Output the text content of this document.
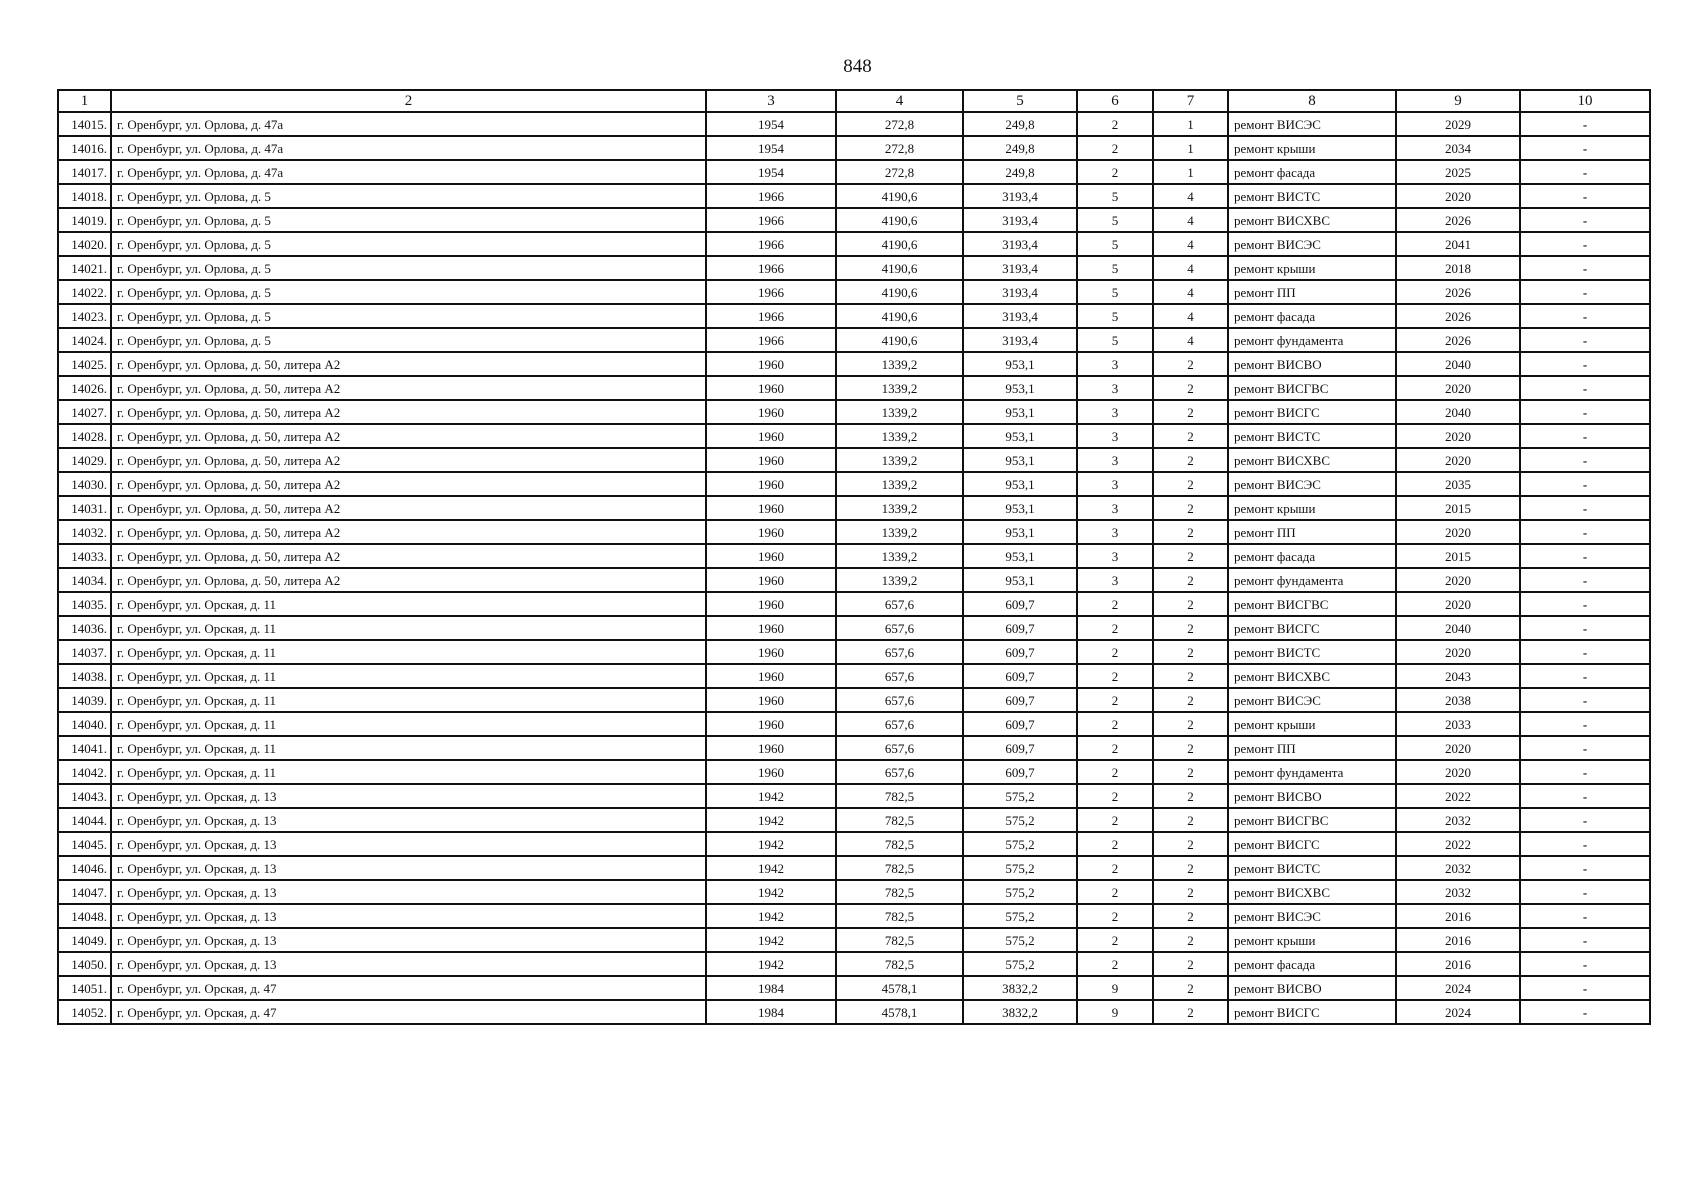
848
1	2	3	4	5	6	7	8	9	10
14015.	г. Оренбург, ул. Орлова, д. 47а	1954	272,8	249,8	2	1	ремонт ВИСЭС	2029	-
14016.	г. Оренбург, ул. Орлова, д. 47а	1954	272,8	249,8	2	1	ремонт крыши	2034	-
14017.	г. Оренбург, ул. Орлова, д. 47а	1954	272,8	249,8	2	1	ремонт фасада	2025	-
14018.	г. Оренбург, ул. Орлова, д. 5	1966	4190,6	3193,4	5	4	ремонт ВИСТС	2020	-
14019.	г. Оренбург, ул. Орлова, д. 5	1966	4190,6	3193,4	5	4	ремонт ВИСХВС	2026	-
14020.	г. Оренбург, ул. Орлова, д. 5	1966	4190,6	3193,4	5	4	ремонт ВИСЭС	2041	-
14021.	г. Оренбург, ул. Орлова, д. 5	1966	4190,6	3193,4	5	4	ремонт крыши	2018	-
14022.	г. Оренбург, ул. Орлова, д. 5	1966	4190,6	3193,4	5	4	ремонт ПП	2026	-
14023.	г. Оренбург, ул. Орлова, д. 5	1966	4190,6	3193,4	5	4	ремонт фасада	2026	-
14024.	г. Оренбург, ул. Орлова, д. 5	1966	4190,6	3193,4	5	4	ремонт фундамента	2026	-
14025.	г. Оренбург, ул. Орлова, д. 50, литера А2	1960	1339,2	953,1	3	2	ремонт ВИСВО	2040	-
14026.	г. Оренбург, ул. Орлова, д. 50, литера А2	1960	1339,2	953,1	3	2	ремонт ВИСГВС	2020	-
14027.	г. Оренбург, ул. Орлова, д. 50, литера А2	1960	1339,2	953,1	3	2	ремонт ВИСГС	2040	-
14028.	г. Оренбург, ул. Орлова, д. 50, литера А2	1960	1339,2	953,1	3	2	ремонт ВИСТС	2020	-
14029.	г. Оренбург, ул. Орлова, д. 50, литера А2	1960	1339,2	953,1	3	2	ремонт ВИСХВС	2020	-
14030.	г. Оренбург, ул. Орлова, д. 50, литера А2	1960	1339,2	953,1	3	2	ремонт ВИСЭС	2035	-
14031.	г. Оренбург, ул. Орлова, д. 50, литера А2	1960	1339,2	953,1	3	2	ремонт крыши	2015	-
14032.	г. Оренбург, ул. Орлова, д. 50, литера А2	1960	1339,2	953,1	3	2	ремонт ПП	2020	-
14033.	г. Оренбург, ул. Орлова, д. 50, литера А2	1960	1339,2	953,1	3	2	ремонт фасада	2015	-
14034.	г. Оренбург, ул. Орлова, д. 50, литера А2	1960	1339,2	953,1	3	2	ремонт фундамента	2020	-
14035.	г. Оренбург, ул. Орская, д. 11	1960	657,6	609,7	2	2	ремонт ВИСГВС	2020	-
14036.	г. Оренбург, ул. Орская, д. 11	1960	657,6	609,7	2	2	ремонт ВИСГС	2040	-
14037.	г. Оренбург, ул. Орская, д. 11	1960	657,6	609,7	2	2	ремонт ВИСТС	2020	-
14038.	г. Оренбург, ул. Орская, д. 11	1960	657,6	609,7	2	2	ремонт ВИСХВС	2043	-
14039.	г. Оренбург, ул. Орская, д. 11	1960	657,6	609,7	2	2	ремонт ВИСЭС	2038	-
14040.	г. Оренбург, ул. Орская, д. 11	1960	657,6	609,7	2	2	ремонт крыши	2033	-
14041.	г. Оренбург, ул. Орская, д. 11	1960	657,6	609,7	2	2	ремонт ПП	2020	-
14042.	г. Оренбург, ул. Орская, д. 11	1960	657,6	609,7	2	2	ремонт фундамента	2020	-
14043.	г. Оренбург, ул. Орская, д. 13	1942	782,5	575,2	2	2	ремонт ВИСВО	2022	-
14044.	г. Оренбург, ул. Орская, д. 13	1942	782,5	575,2	2	2	ремонт ВИСГВС	2032	-
14045.	г. Оренбург, ул. Орская, д. 13	1942	782,5	575,2	2	2	ремонт ВИСГС	2022	-
14046.	г. Оренбург, ул. Орская, д. 13	1942	782,5	575,2	2	2	ремонт ВИСТС	2032	-
14047.	г. Оренбург, ул. Орская, д. 13	1942	782,5	575,2	2	2	ремонт ВИСХВС	2032	-
14048.	г. Оренбург, ул. Орская, д. 13	1942	782,5	575,2	2	2	ремонт ВИСЭС	2016	-
14049.	г. Оренбург, ул. Орская, д. 13	1942	782,5	575,2	2	2	ремонт крыши	2016	-
14050.	г. Оренбург, ул. Орская, д. 13	1942	782,5	575,2	2	2	ремонт фасада	2016	-
14051.	г. Оренбург, ул. Орская, д. 47	1984	4578,1	3832,2	9	2	ремонт ВИСВО	2024	-
14052.	г. Оренбург, ул. Орская, д. 47	1984	4578,1	3832,2	9	2	ремонт ВИСГС	2024	-
